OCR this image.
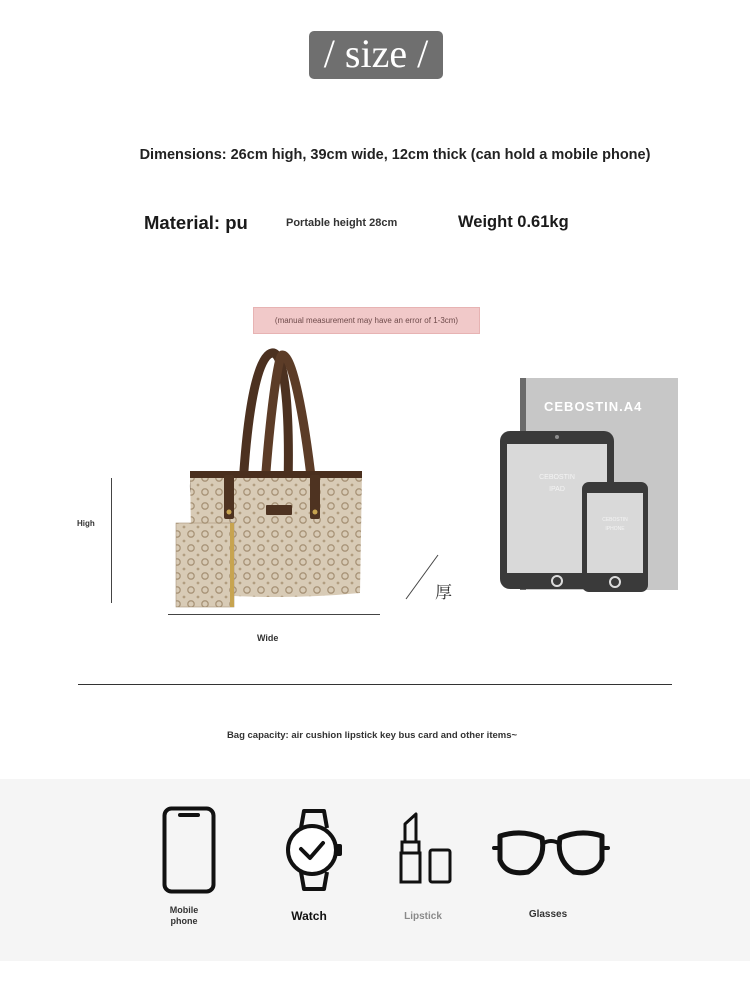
/ size /
Dimensions: 26cm high, 39cm wide, 12cm thick (can hold a mobile phone)
Material: pu	Portable height 28cm	Weight 0.61kg
(manual measurement may have an error of 1-3cm)
High
Wide
厚
CEBOSTIN.A4
CEBOSTIN
IPAD
CEBOSTIN
IPHONE
Bag capacity: air cushion lipstick key bus card and other items~
Mobile phone	Watch	Lipstick	Glasses
